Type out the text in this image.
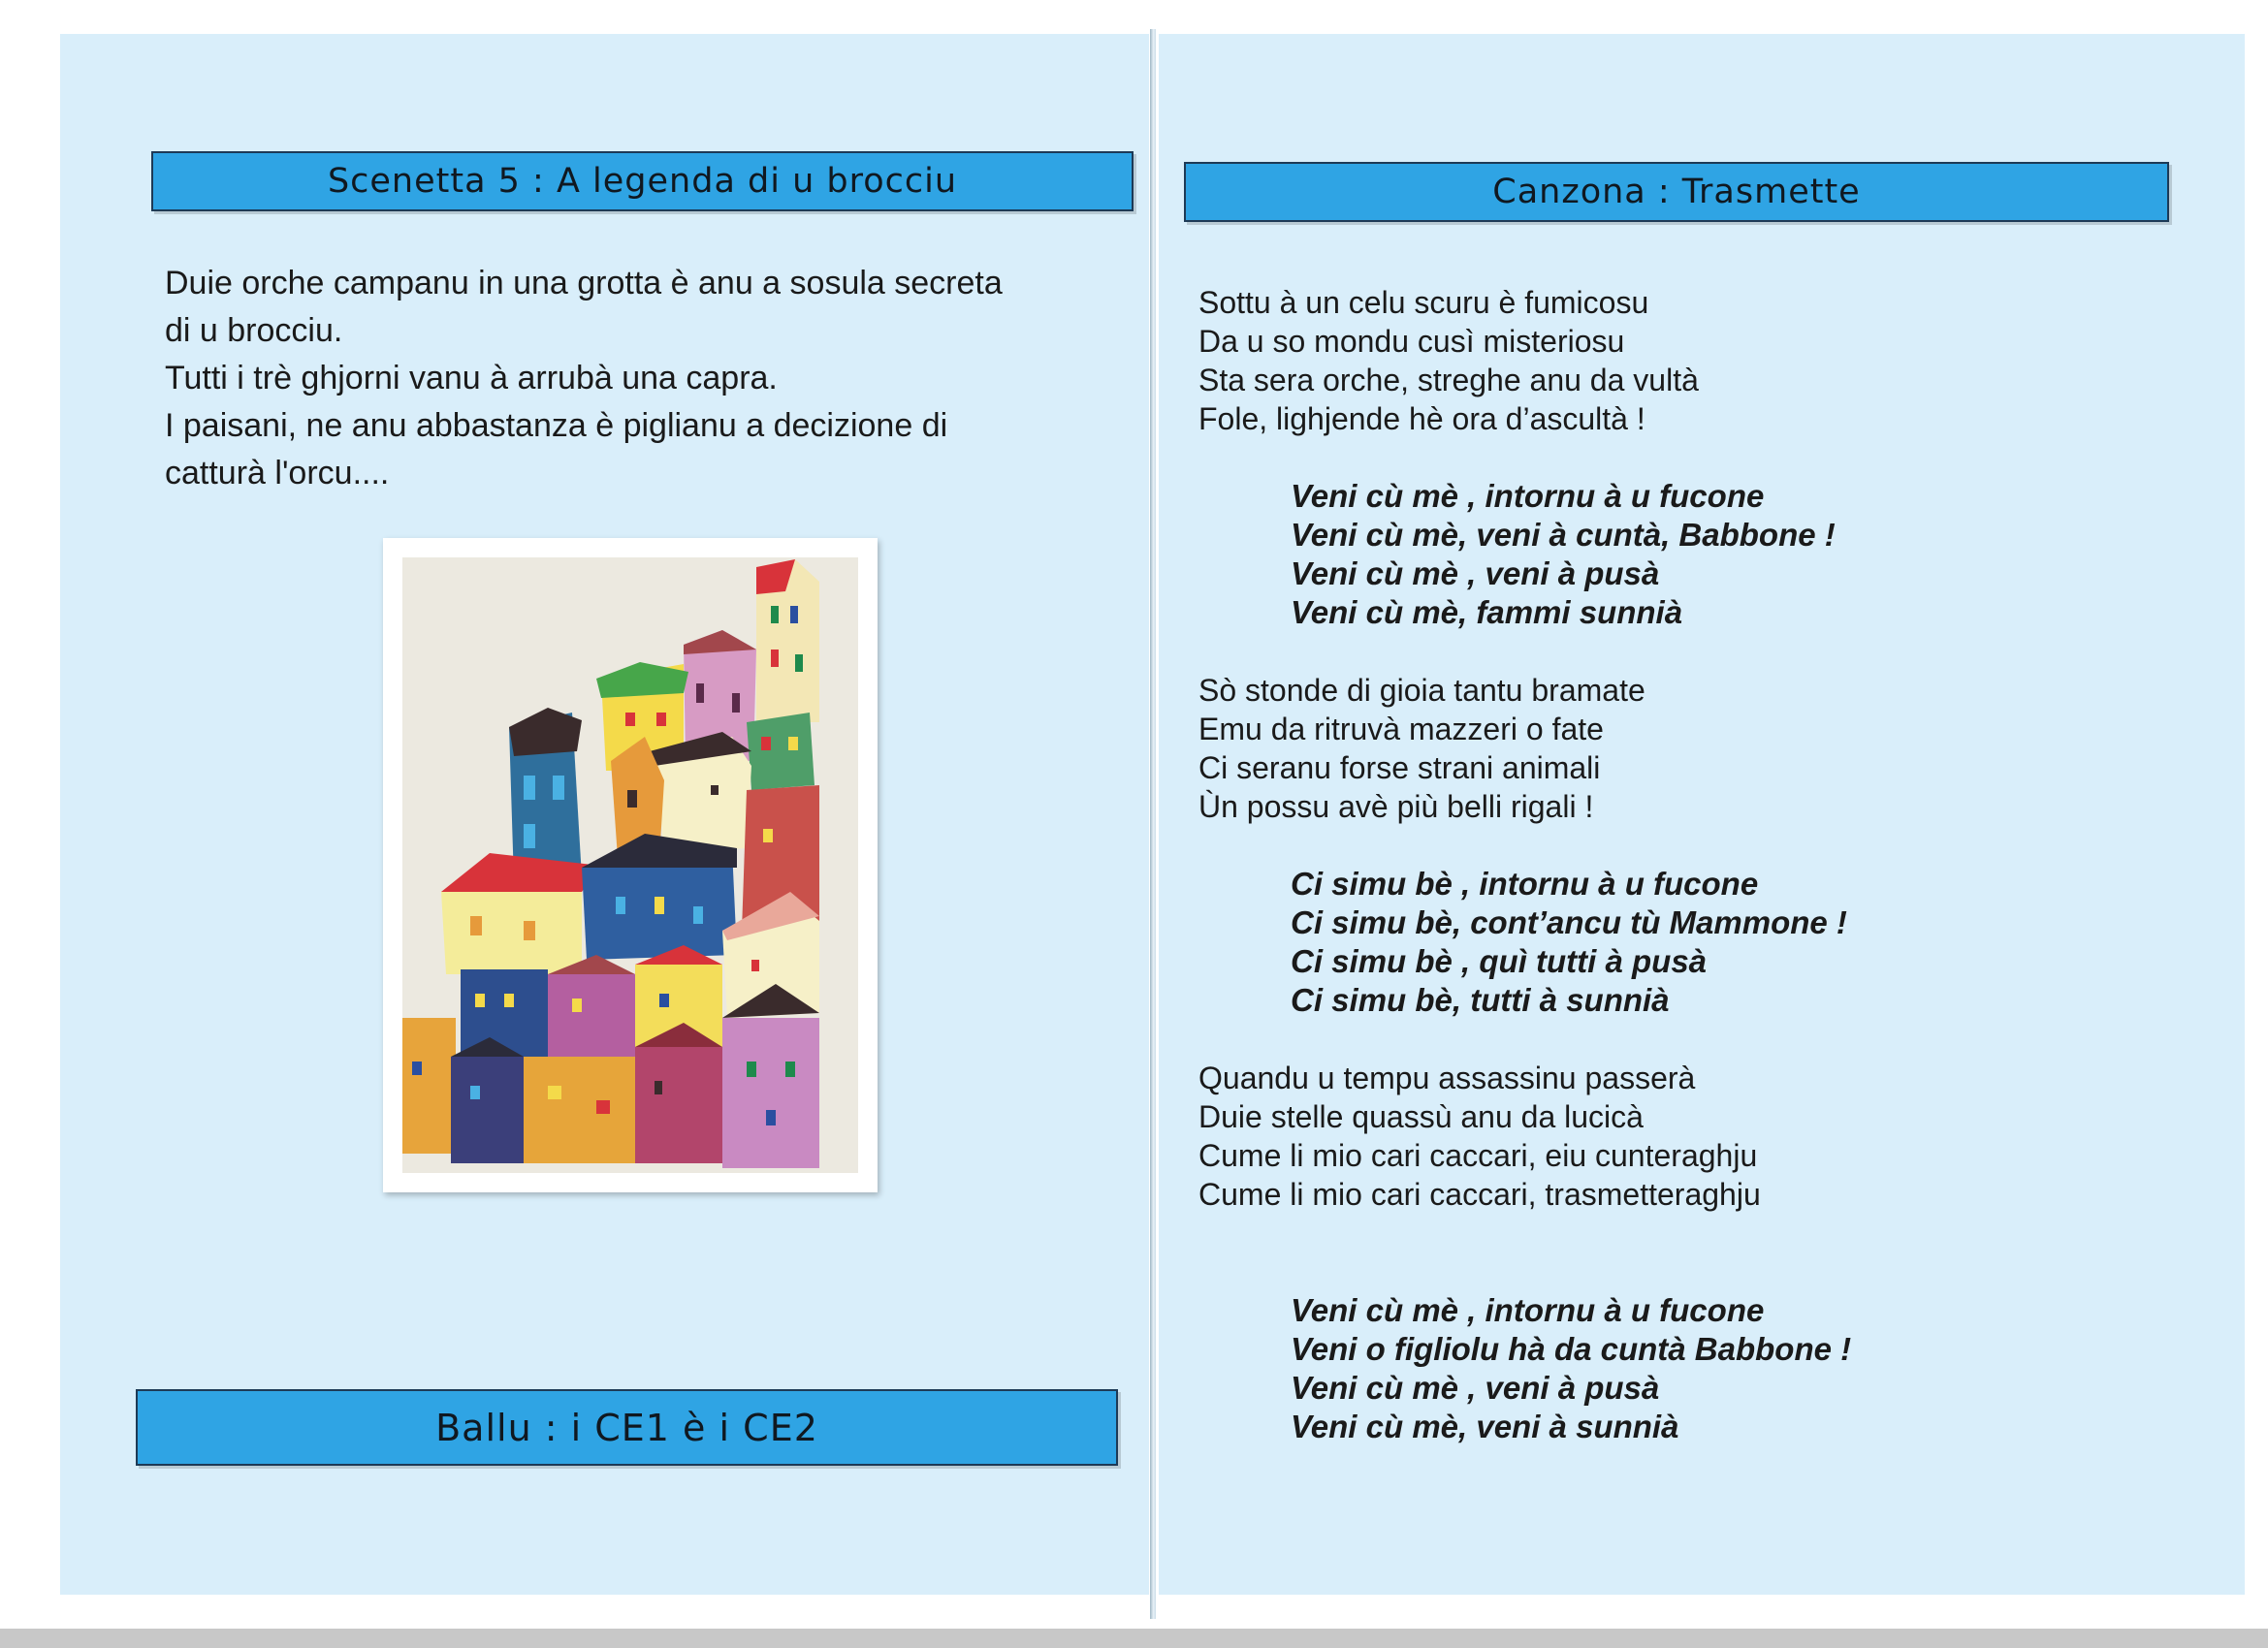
Scenetta 5 : A legenda di u brocciu

Duie orche campanu in una grotta è anu a sosula secreta

di u brocciu.

Tutti i trè ghjorni vanu à arrubà una capra.

I paisani, ne anu abbastanza è piglianu a decizione di

catturà l'orcu....

Ballu : i CE1 è i CE2
Canzona : Trasmette

Sottu à un celu scuru è fumicosu

Da u so mondu cusì misteriosu

Sta sera orche, streghe anu da vultà

Fole, lighjende hè ora d’ascultà !

Veni cù mè , intornu à u fucone

Veni cù mè, veni à cuntà, Babbone !

Veni cù mè , veni à pusà

Veni cù mè, fammi sunnià

Sò stonde di gioia tantu bramate

Emu da ritruvà mazzeri o fate

Ci seranu forse strani animali

Ùn possu avè più belli rigali !

Ci simu bè , intornu à u fucone

Ci simu bè, cont’ancu tù Mammone !

Ci simu bè , quì tutti à pusà

Ci simu bè, tutti à sunnià

Quandu u tempu assassinu passerà

Duie stelle quassù anu da lucicà

Cume li mio cari caccari, eiu cunteraghju

Cume li mio cari caccari, trasmetteraghju

Veni cù mè , intornu à u fucone

Veni o figliolu hà da cuntà Babbone !

Veni cù mè , veni à pusà

Veni cù mè, veni à sunnià
